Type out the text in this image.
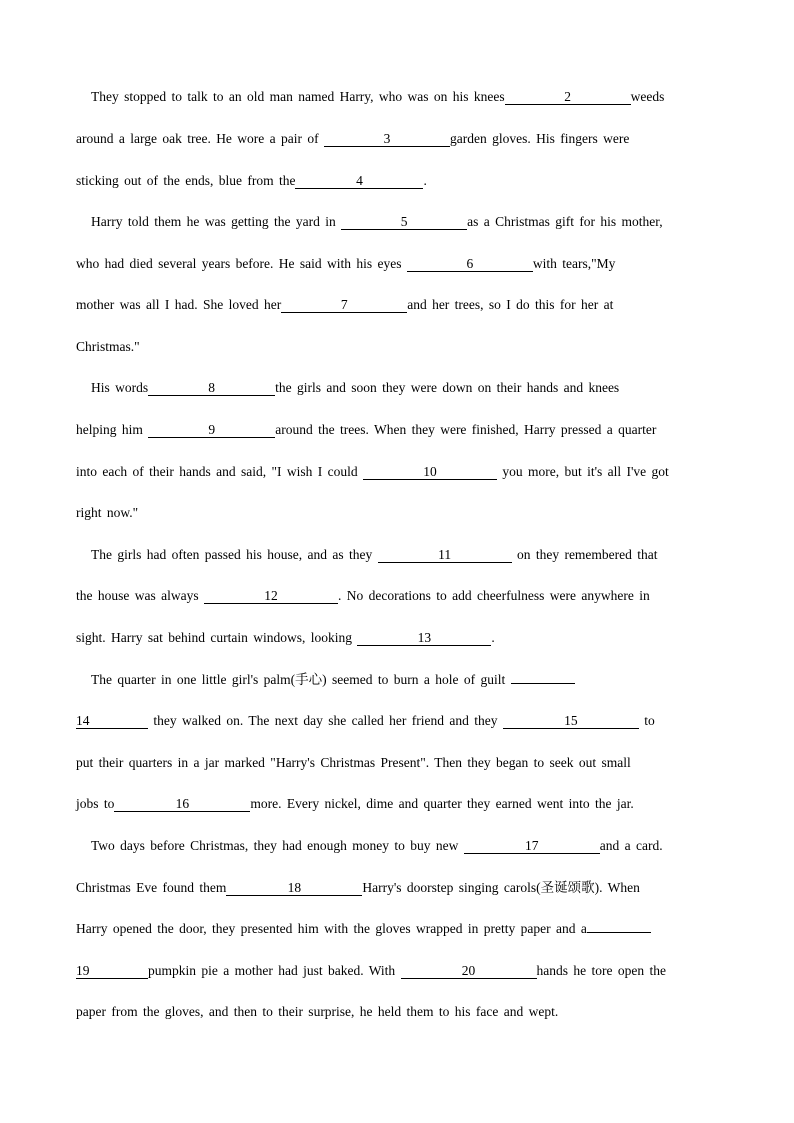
They stopped to talk to an old man named Harry, who was on his knees	2	weeds
around a large oak tree. He wore a pair of	3	garden gloves. His fingers were
sticking out of the ends, blue from the	4	.
Harry told them he was getting the yard in	5	as a Christmas gift for his mother,
who had died several years before. He said with his eyes	6	with tears,"My
mother was all I had. She loved her	7	and her trees, so I do this for her at
Christmas."
His words	8	the girls and soon they were down on their hands and knees
helping him	9	around the trees. When they were finished, Harry pressed a quarter
into each of their hands and said, "I wish I could	10	you more, but it's all I've got
right now."
The girls had often passed his house, and as they	11	on they remembered that
the house was always	12	. No decorations to add cheerfulness were anywhere in
sight. Harry sat behind curtain windows, looking	13	.
The quarter in one little girl's palm(手心) seemed to burn a hole of guilt
14	they walked on. The next day she called her friend and they	15	to
put their quarters in a jar marked "Harry's Christmas Present". Then they began to seek out small
jobs to	16	more. Every nickel, dime and quarter they earned went into the jar.
Two days before Christmas, they had enough money to buy new	17	and a card.
Christmas Eve found them	18	Harry's doorstep singing carols(圣诞颂歌). When
Harry opened the door, they presented him with the gloves wrapped in pretty paper and a
19	pumpkin pie a mother had just baked. With	20	hands he tore open the
paper from the gloves, and then to their surprise, he held them to his face and wept.
